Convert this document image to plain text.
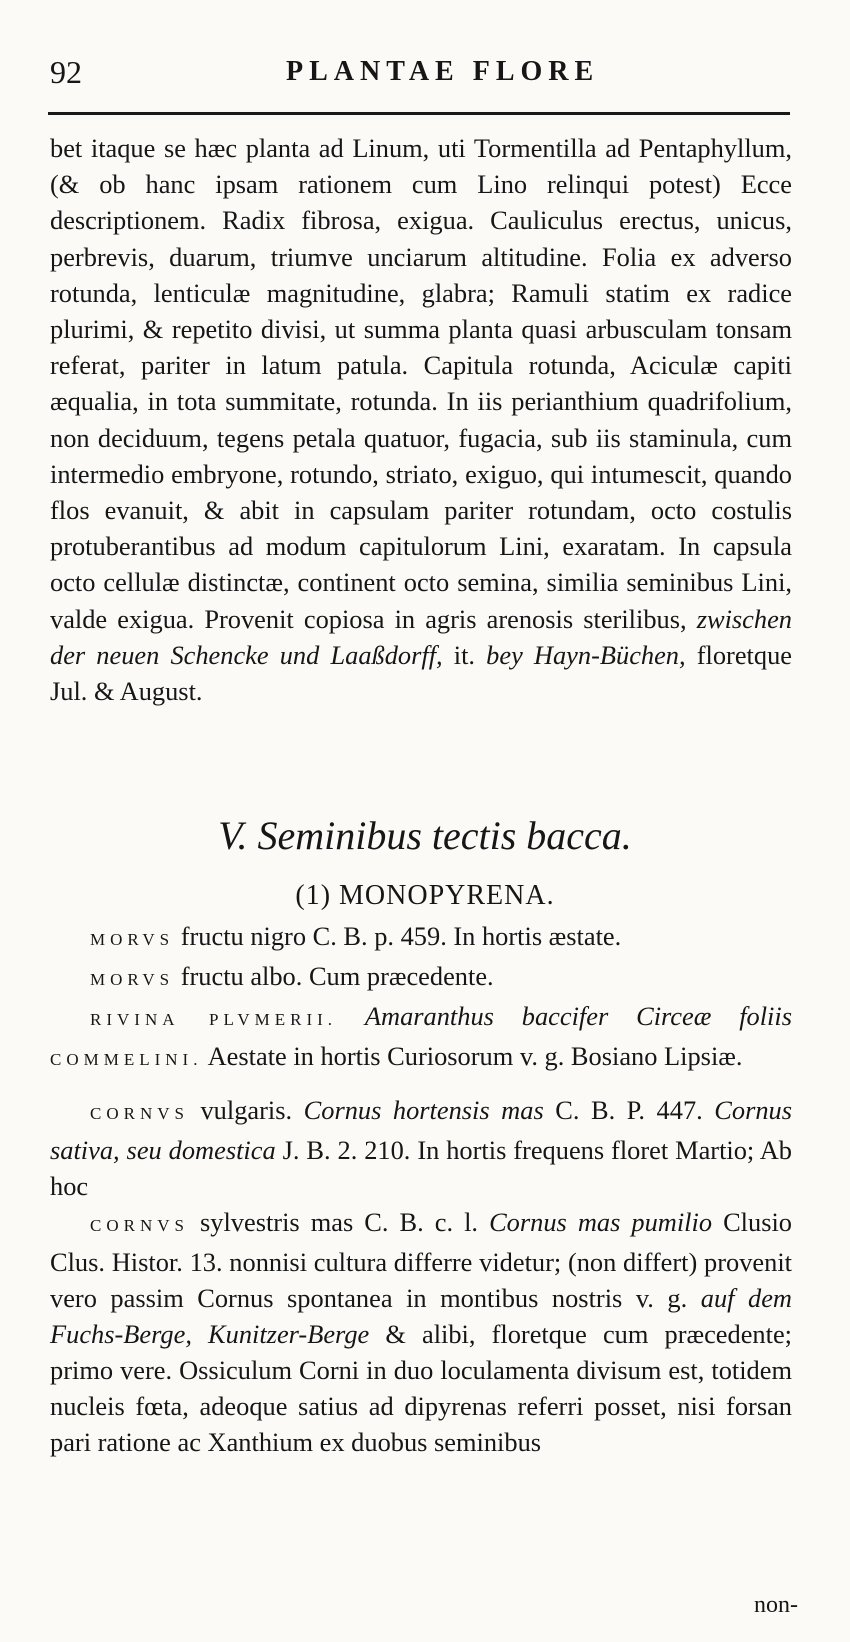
92	PLANTAE FLORE

bet itaque se hæc planta ad Linum, uti Tormentilla ad Pentaphyllum, (& ob hanc ipsam rationem cum Lino relinqui potest) Ecce descriptionem. Radix fibrosa, exigua. Cauliculus erectus, unicus, perbrevis, duarum, triumve unciarum altitudine. Folia ex adverso rotunda, lenticulæ magnitudine, glabra; Ramuli statim ex radice plurimi, & repetito divisi, ut summa planta quasi arbusculam tonsam referat, pariter in latum patula. Capitula rotunda, Aciculæ capiti æqualia, in tota summitate, rotunda. In iis perianthium quadrifolium, non deciduum, tegens petala quatuor, fugacia, sub iis staminula, cum intermedio embryone, rotundo, striato, exiguo, qui intumescit, quando flos evanuit, & abit in capsulam pariter rotundam, octo costulis protuberantibus ad modum capitulorum Lini, exaratam. In capsula octo cellulæ distinctæ, continent octo semina, similia seminibus Lini, valde exigua. Provenit copiosa in agris arenosis sterilibus, zwischen der neuen Schencke und Laaßdorff, it. bey Hayn-Büchen, floretque Jul. & August.

V. Seminibus tectis bacca.
(1) MONOPYRENA.

MORVS fructu nigro C. B. p. 459. In hortis æstate.

MORVS fructu albo. Cum præcedente.

RIVINA PLVMERII. Amaranthus baccifer Circeæ foliis COMMELINI. Aestate in hortis Curiosorum v. g. Bosiano Lipsiæ.

CORNVS vulgaris. Cornus hortensis mas C. B. P. 447. Cornus sativa, seu domestica J. B. 2. 210. In hortis frequens floret Martio; Ab hoc

CORNVS sylvestris mas C. B. c. l. Cornus mas pumilio Clusio Clus. Histor. 13. nonnisi cultura differre videtur; (non differt) provenit vero passim Cornus spontanea in montibus nostris v. g. auf dem Fuchs-Berge, Kunitzer-Berge & alibi, floretque cum præcedente; primo vere. Ossiculum Corni in duo loculamenta divisum est, totidem nucleis fœta, adeoque satius ad dipyrenas referri posset, nisi forsan pari ratione ac Xanthium ex duobus seminibus

non-
